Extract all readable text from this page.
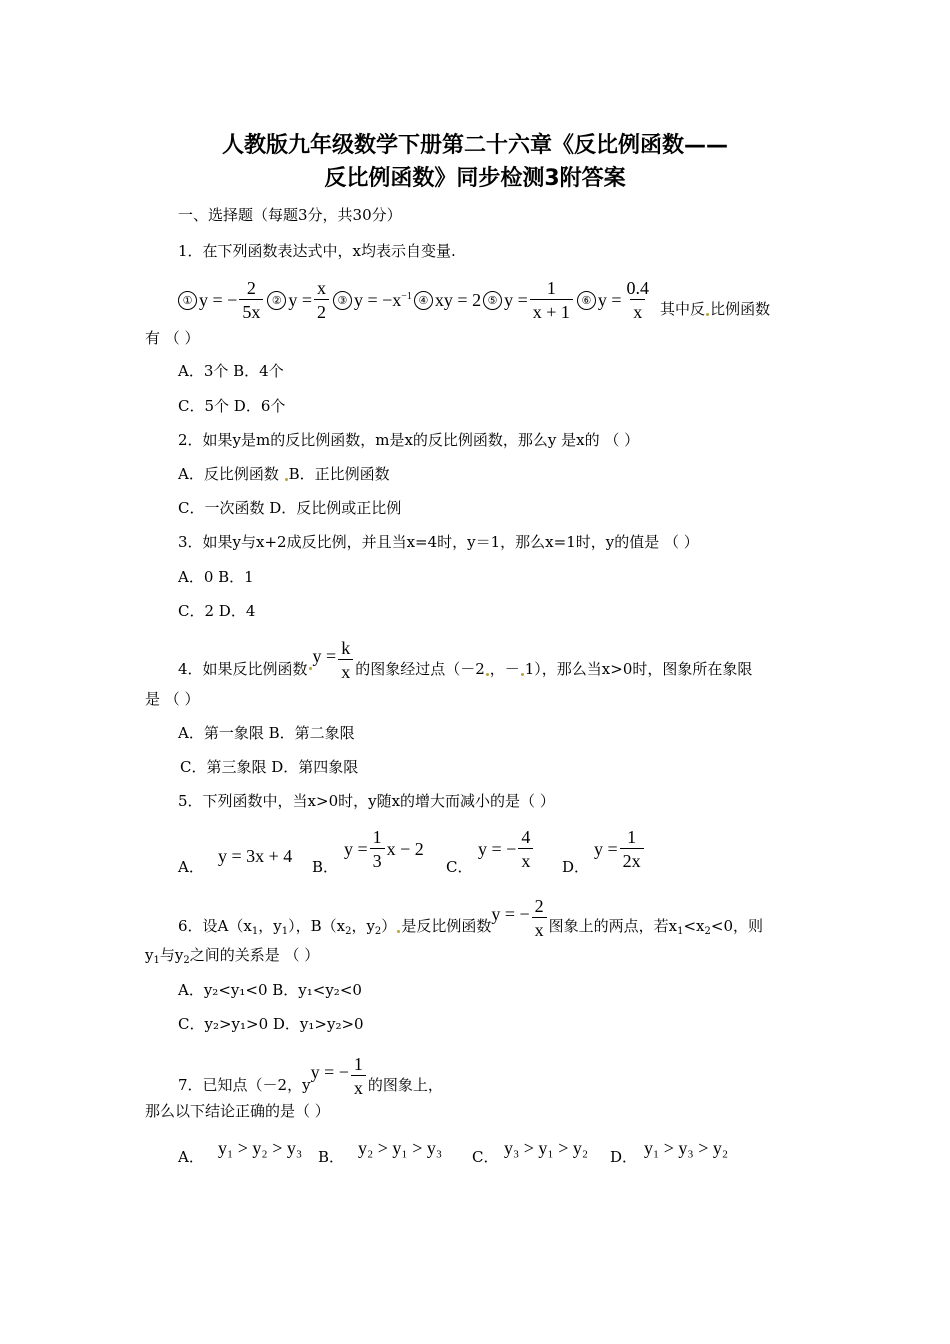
人教版九年级数学下册第二十六章《反比例函数——
反比例函数》同步检测3附答案
一、选择题（每题3分，共30分）
1．在下列函数表达式中，x均表示自变量.
① y = − $\frac{2}{5x}$ ② $y = \frac{x}{2}$ ③ $y = -x^{-1}$ ④ xy = 2 ⑤ $y = \frac{1}{x + 1}$ ⑥ $y = \frac{0.4}{x}$ 其中反 比例函数
有 （ ）
A．3个 B．4个
C．5个 D．6个
2．如果y是m的反比例函数，m是x的反比例函数，那么y 是x的 （ ）
A．反比例函数 B．正比例函数
C．一次函数 D．反比例或正比例
3．如果y与x+2成反比例，并且当x=4时，y＝1，那么x=1时，y的值是 （ ）
A．0 B．1
C．2 D．4
4．如果反比例函数
$y = \frac{k}{x}$ 的图象经过点（－2 ，－ 1），那么当x>0时，图象所在象限
是 （ ）
A．第一象限 B．第二象限
C．第三象限 D．第四象限
5．下列函数中，当x>0时，y随x的增大而减小的是（ ）
A．
y = 3x + 4
B．
$y = \frac{1}{3}$ x − 2
C．
y = − $\frac{4}{x}$ D．
$y = \frac{1}{2x}$
6．设$A(x_1$，$y_1$），$B(x_2$，$y_2$） 是反比例函数
y = − $\frac{2}{x}$ 图象上的两点，若$x_1<x_2<0$，则
$y_1$与$y_2$之间的关系是 （ ）
A．y₂<y₁<0 B．y₁<y₂<0
C．y₂>y₁>0 D．y₁>y₂>0
7．已知点（－2，y
y = − $\frac{1}{x}$ 的图象上，
那么以下结论正确的是（ ）
A． y₁ > y₂ > y₃ B． y₂ > y₁ > y₃ C． y₃ > y₁ > y₂ D． y₁ > y₃ > y₂
